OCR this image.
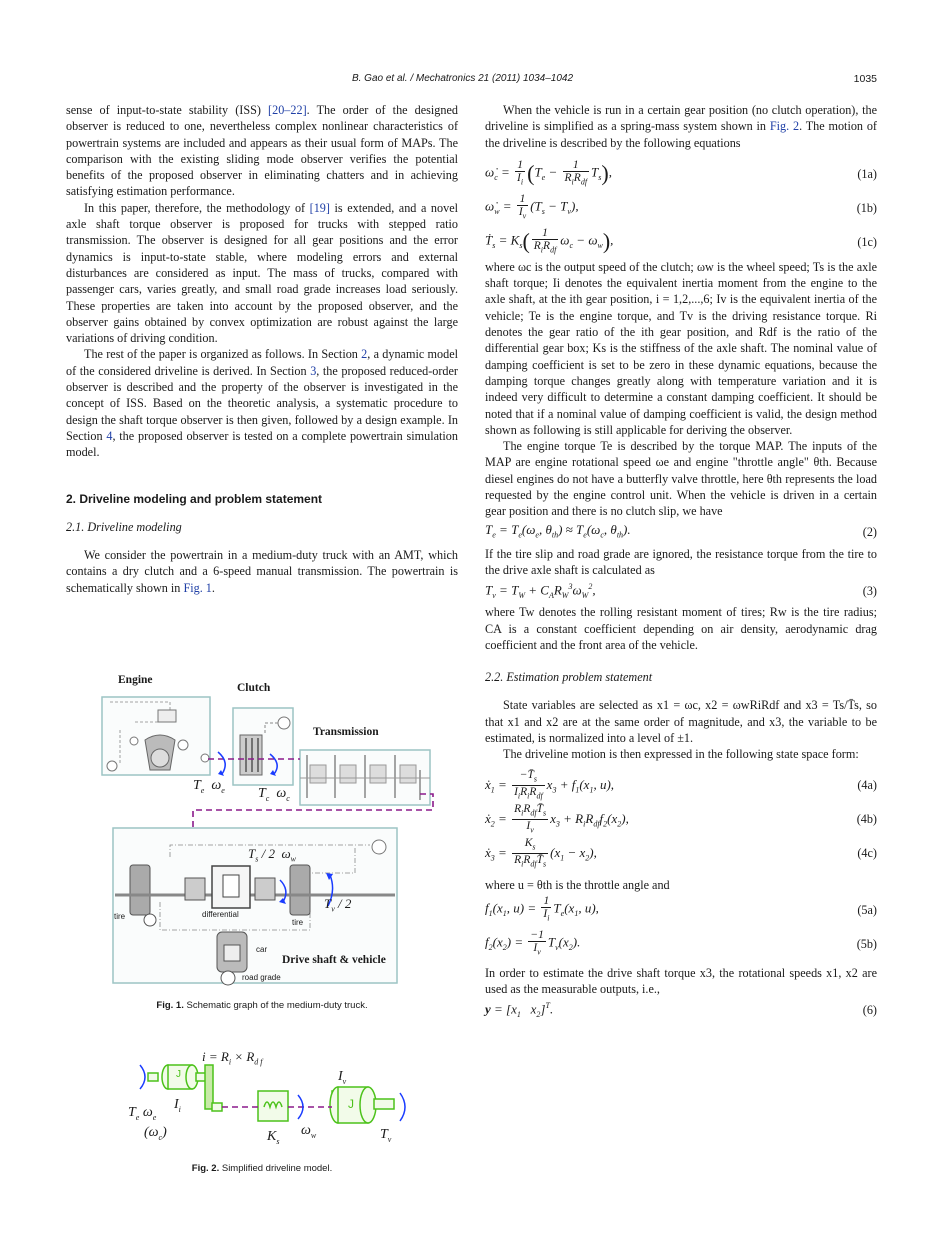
B. Gao et al. / Mechatronics 21 (2011) 1034–1042	1035

sense of input-to-state stability (ISS) [20–22]. The order of the designed observer is reduced to one, nevertheless complex nonlinear characteristics of powertrain systems are included and appears as their usual form of MAPs. The comparison with the existing sliding mode observer verifies the potential benefits of the proposed observer in eliminating chatters and in achieving satisfying estimation performance.

In this paper, therefore, the methodology of [19] is extended, and a novel axle shaft torque observer is proposed for trucks with stepped ratio transmission. The observer is designed for all gear positions and the error dynamics is input-to-state stable, where modeling errors and external disturbances are considered as input. The mass of trucks, compared with passenger cars, varies greatly, and small road grade increases load seriously. These properties are taken into account by the proposed observer, and the observer gains obtained by convex optimization are robust against the large variations of driving condition.

The rest of the paper is organized as follows. In Section 2, a dynamic model of the considered driveline is derived. In Section 3, the proposed reduced-order observer is described and the property of the observer is investigated in the concept of ISS. Based on the theoretic analysis, a systematic procedure to design the shaft torque observer is then given, followed by a design example. In Section 4, the proposed observer is tested on a complete powertrain simulation model.

2. Driveline modeling and problem statement
2.1. Driveline modeling

We consider the powertrain in a medium-duty truck with an AMT, which contains a dry clutch and a 6-speed manual transmission. The powertrain is schematically shown in Fig. 1.

Engine
Clutch
Transmission
$T_e$ $\omega_e$ $T_c$ $\omega_c$
$T_s / 2$ $\omega_w$
$T_v / 2$
tire	differential
tire
car
road grade
Drive shaft & vehicle
Fig. 1. Schematic graph of the medium-duty truck.
$i = R_i \times R_{d f}$
$I_v$
$I_i$
$T_e$ $\omega_e$
$(\omega_c)$	$K_s$
$\omega_w$	$T_v$
J
J
Fig. 2. Simplified driveline model.

When the vehicle is run in a certain gear position (no clutch operation), the driveline is simplified as a spring-mass system shown in Fig. 2. The motion of the driveline is described by the following equations

$\omegȧ_c = \frac{1}{I_i} (T_e - \frac{1}{R_iR_{df}} T_s)$,	(1a)
$\omegȧ_w = \frac{1}{I_v} (T_s - T_v)$,	(1b)
Ṫ$_s$ = $K_s( \frac{1}{R_iR_{df}} \omega_c - \omega_w)$,	(1c)

where ωc is the output speed of the clutch; ωw is the wheel speed; Ts is the axle shaft torque; Ii denotes the equivalent inertia moment from the engine to the axle shaft, at the ith gear position, i = 1,2,...,6; Iv is the equivalent inertia of the vehicle; Te is the engine torque, and Tv is the driving resistance torque. Ri denotes the gear ratio of the ith gear position, and Rdf is the ratio of the differential gear box; Ks is the stiffness of the axle shaft. The nominal value of damping coefficient is set to be zero in these dynamic equations, because the damping torque changes greatly along with temperature variation and it is indeed very difficult to determine a constant damping coefficient. It should be noted that if a nominal value of damping coefficient is valid, the design method shown as following is still applicable for deriving the observer.

The engine torque Te is described by the torque MAP. The inputs of the MAP are engine rotational speed ωe and engine "throttle angle" θth. Because diesel engines do not have a butterfly valve throttle, here θth represents the load requested by the engine control unit. When the vehicle is driven in a certain gear position and there is no clutch slip, we have

$T_e = T_e(\omega_e$, $\theta_{th}) \approx T_e(\omega_c$, $\theta_{th}$).	(2)

If the tire slip and road grade are ignored, the resistance torque from the tire to the drive axle shaft is calculated as

$T_v = T_W + C_AR_W^3\omega_W^2$,	(3)

where Tw denotes the rolling resistant moment of tires; Rw is the tire radius; CA is a constant coefficient depending on air density, aerodynamic drag coefficient and the front area of the vehicle.

2.2. Estimation problem statement

State variables are selected as x1 = ωc, x2 = ωwRiRdf and x3 = Ts/T̄s, so that x1 and x2 are at the same order of magnitude, and x3, the variable to be estimated, is normalized into a level of ±1.

The driveline motion is then expressed in the following state space form:

ẋ$_1$ = $\frac{-T̄_s}{I_iR_iR_{df}} x_3 + f_1(x_1$, u),	(4a)
ẋ$_2$ = $\frac{R_iR_{df}T̄_s}{I_v} x_3 + R_iR_{df}f_2(x_2)$,	(4b)
ẋ$_3$ = $\frac{K_s}{R_iR_{df}T̄_s} (x_1 - x_2)$,	(4c)

where u = θth is the throttle angle and

$f_1(x_1$, $u) = \frac{1}{I_i} T_e(x_1$, u),	(5a)
$f_2(x_2) = \frac{-1}{I_v} T_v(x_2)$.	(5b)

In order to estimate the drive shaft torque x3, the rotational speeds x1, x2 are used as the measurable outputs, i.e.,

$y = [x_1$   $x_2]^T$.	(6)
